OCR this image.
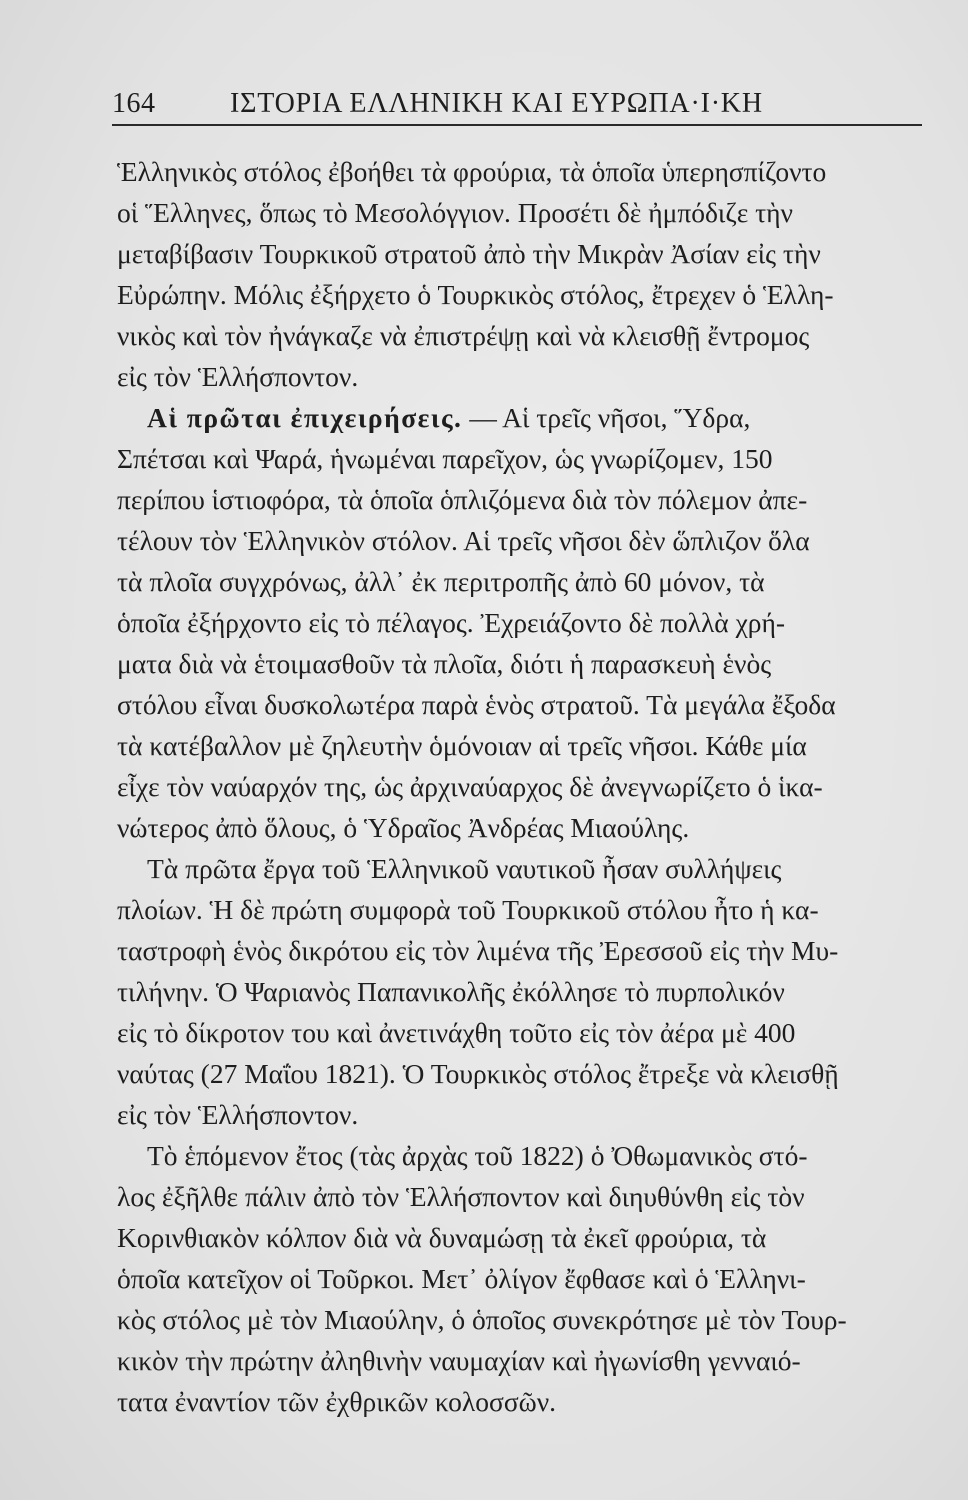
164	ΙΣΤΟΡΙΑ ΕΛΛΗΝΙΚΗ ΚΑΙ ΕΥΡΩΠΑ·Ι·ΚΗ
Ἑλληνικὸς στόλος ἐβοήθει τὰ φρούρια, τὰ ὁποῖα ὑπερησπίζοντο
οἱ Ἕλληνες, ὅπως τὸ Μεσολόγγιον. Προσέτι δὲ ἠμπόδιζε τὴν
μεταβίβασιν Τουρκικοῦ στρατοῦ ἀπὸ τὴν Μικρὰν Ἀσίαν εἰς τὴν
Εὐρώπην. Μόλις ἐξήρχετο ὁ Τουρκικὸς στόλος, ἔτρεχεν ὁ Ἑλλη-
νικὸς καὶ τὸν ἠνάγκαζε νὰ ἐπιστρέψῃ καὶ νὰ κλεισθῇ ἔντρομος
εἰς τὸν Ἑλλήσποντον.
Αἱ πρῶται ἐπιχειρήσεις. — Αἱ τρεῖς νῆσοι, Ὕδρα,
Σπέτσαι καὶ Ψαρά, ἡνωμέναι παρεῖχον, ὡς γνωρίζομεν, 150
περίπου ἱστιοφόρα, τὰ ὁποῖα ὁπλιζόμενα διὰ τὸν πόλεμον ἀπε-
τέλουν τὸν Ἑλληνικὸν στόλον. Αἱ τρεῖς νῆσοι δὲν ὥπλιζον ὅλα
τὰ πλοῖα συγχρόνως, ἀλλ᾽ ἐκ περιτροπῆς ἀπὸ 60 μόνον, τὰ
ὁποῖα ἐξήρχοντο εἰς τὸ πέλαγος. Ἐχρειάζοντο δὲ πολλὰ χρή-
ματα διὰ νὰ ἑτοιμασθοῦν τὰ πλοῖα, διότι ἡ παρασκευὴ ἑνὸς
στόλου εἶναι δυσκολωτέρα παρὰ ἑνὸς στρατοῦ. Τὰ μεγάλα ἔξοδα
τὰ κατέβαλλον μὲ ζηλευτὴν ὁμόνοιαν αἱ τρεῖς νῆσοι. Κάθε μία
εἶχε τὸν ναύαρχόν της, ὡς ἀρχιναύαρχος δὲ ἀνεγνωρίζετο ὁ ἱκα-
νώτερος ἀπὸ ὅλους, ὁ Ὑδραῖος Ἀνδρέας Μιαούλης.
Τὰ πρῶτα ἔργα τοῦ Ἑλληνικοῦ ναυτικοῦ ἦσαν συλλήψεις
πλοίων. Ἡ δὲ πρώτη συμφορὰ τοῦ Τουρκικοῦ στόλου ἦτο ἡ κα-
ταστροφὴ ἑνὸς δικρότου εἰς τὸν λιμένα τῆς Ἐρεσσοῦ εἰς τὴν Μυ-
τιλήνην. Ὁ Ψαριανὸς Παπανικολῆς ἐκόλλησε τὸ πυρπολικόν
εἰς τὸ δίκροτον του καὶ ἀνετινάχθη τοῦτο εἰς τὸν ἀέρα μὲ 400
ναύτας (27 Μαΐου 1821). Ὁ Τουρκικὸς στόλος ἔτρεξε νὰ κλεισθῇ
εἰς τὸν Ἑλλήσποντον.
Τὸ ἑπόμενον ἔτος (τὰς ἀρχὰς τοῦ 1822) ὁ Ὀθωμανικὸς στό-
λος ἐξῆλθε πάλιν ἀπὸ τὸν Ἑλλήσποντον καὶ διηυθύνθη εἰς τὸν
Κορινθιακὸν κόλπον διὰ νὰ δυναμώσῃ τὰ ἐκεῖ φρούρια, τὰ
ὁποῖα κατεῖχον οἱ Τοῦρκοι. Μετ᾽ ὀλίγον ἔφθασε καὶ ὁ Ἑλληνι-
κὸς στόλος μὲ τὸν Μιαούλην, ὁ ὁποῖος συνεκρότησε μὲ τὸν Τουρ-
κικὸν τὴν πρώτην ἀληθινὴν ναυμαχίαν καὶ ἠγωνίσθη γενναιό-
τατα ἐναντίον τῶν ἐχθρικῶν κολοσσῶν.
